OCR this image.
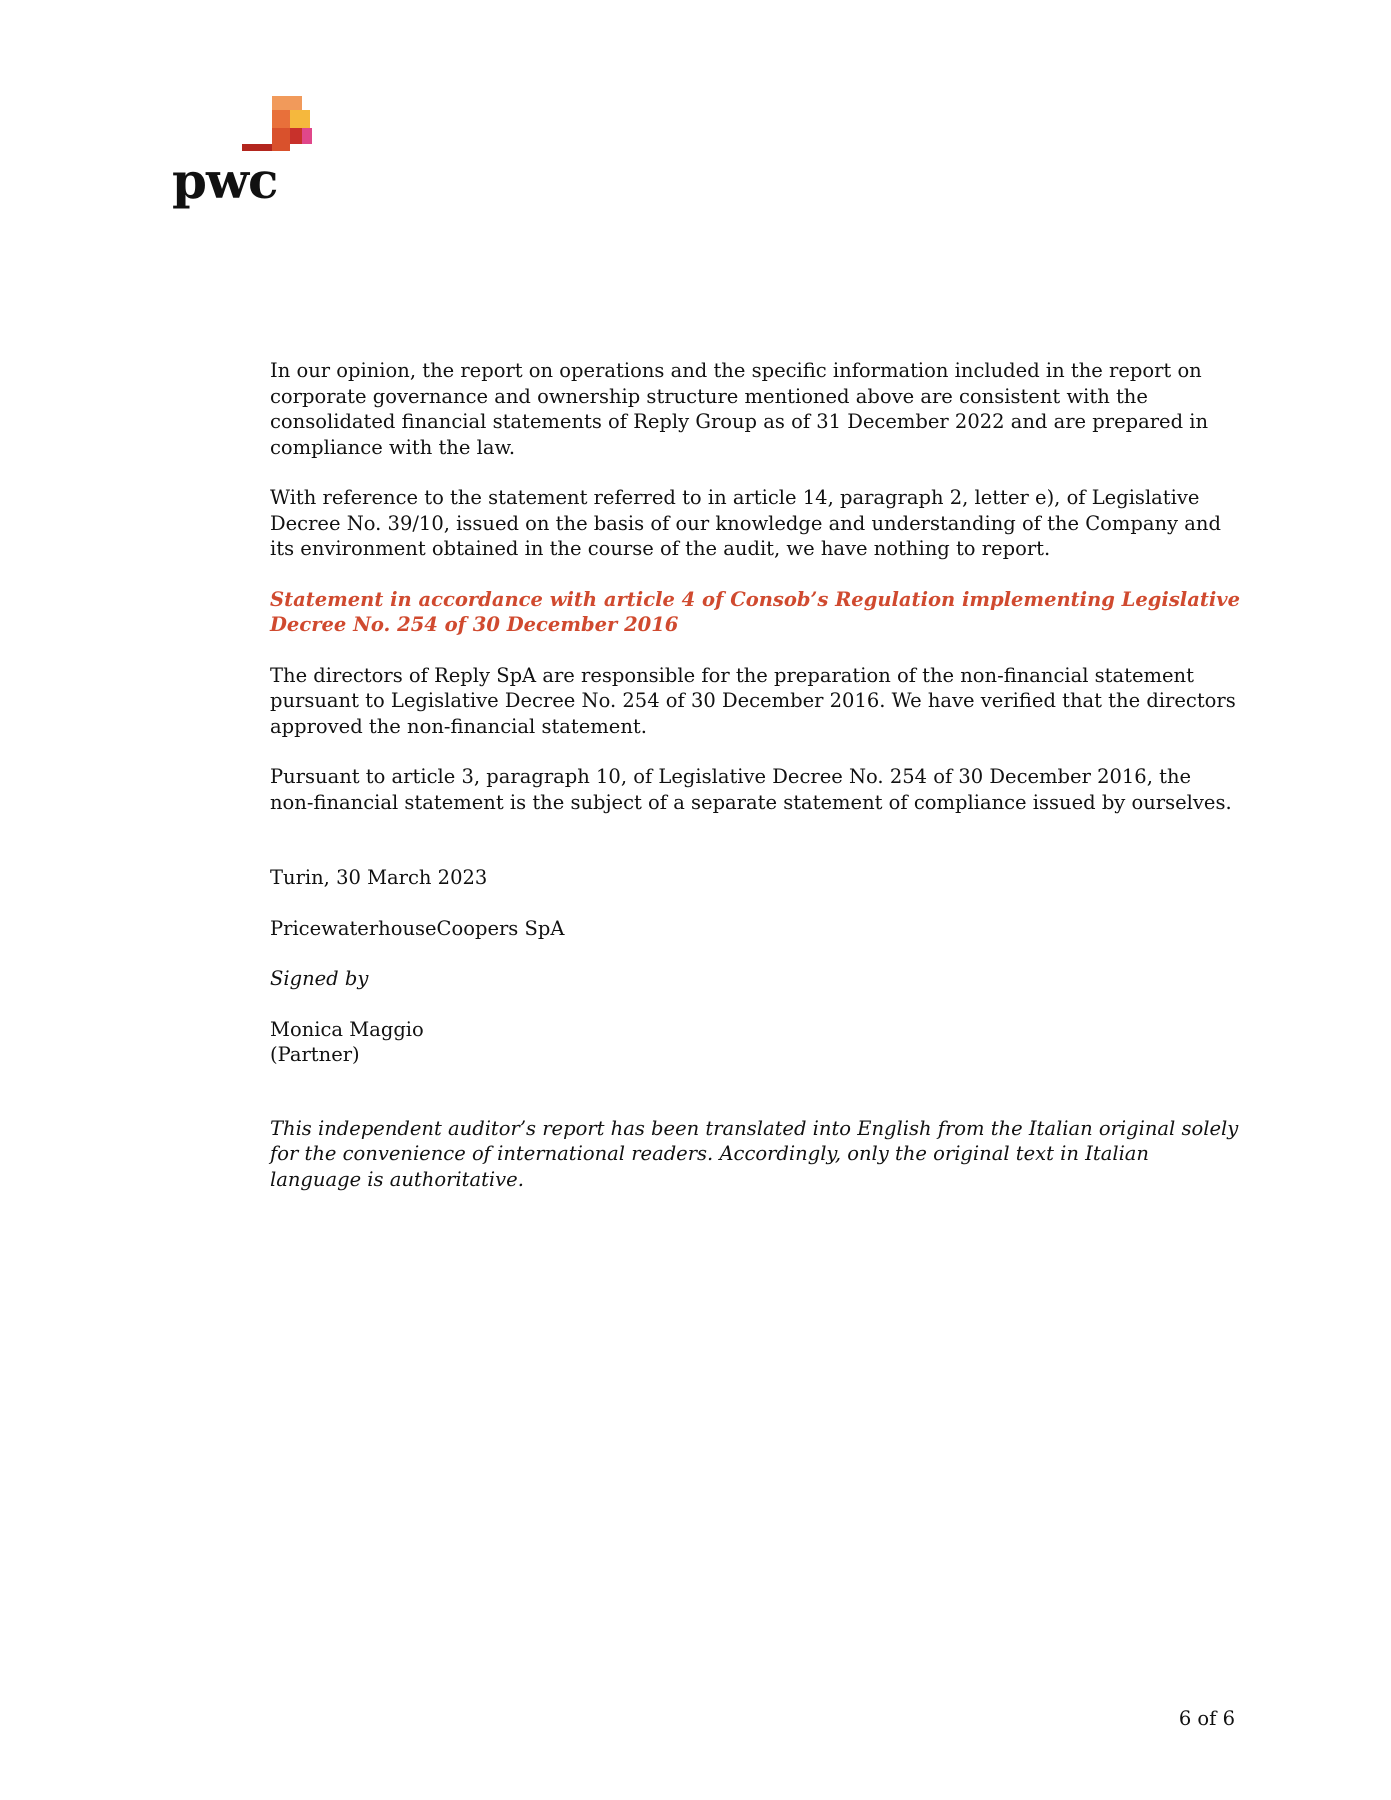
pwc

In our opinion, the report on operations and the specific information included in the report on corporate governance and ownership structure mentioned above are consistent with the consolidated financial statements of Reply Group as of 31 December 2022 and are prepared in compliance with the law.

With reference to the statement referred to in article 14, paragraph 2, letter e), of Legislative Decree No. 39/10, issued on the basis of our knowledge and understanding of the Company and its environment obtained in the course of the audit, we have nothing to report.

Statement in accordance with article 4 of Consob’s Regulation implementing Legislative Decree No. 254 of 30 December 2016

The directors of Reply SpA are responsible for the preparation of the non-financial statement pursuant to Legislative Decree No. 254 of 30 December 2016. We have verified that the directors approved the non-financial statement.

Pursuant to article 3, paragraph 10, of Legislative Decree No. 254 of 30 December 2016, the non-financial statement is the subject of a separate statement of compliance issued by ourselves.

Turin, 30 March 2023

PricewaterhouseCoopers SpA

Signed by

Monica Maggio

(Partner)

This independent auditor’s report has been translated into English from the Italian original solely for the convenience of international readers. Accordingly, only the original text in Italian language is authoritative.

6 of 6
